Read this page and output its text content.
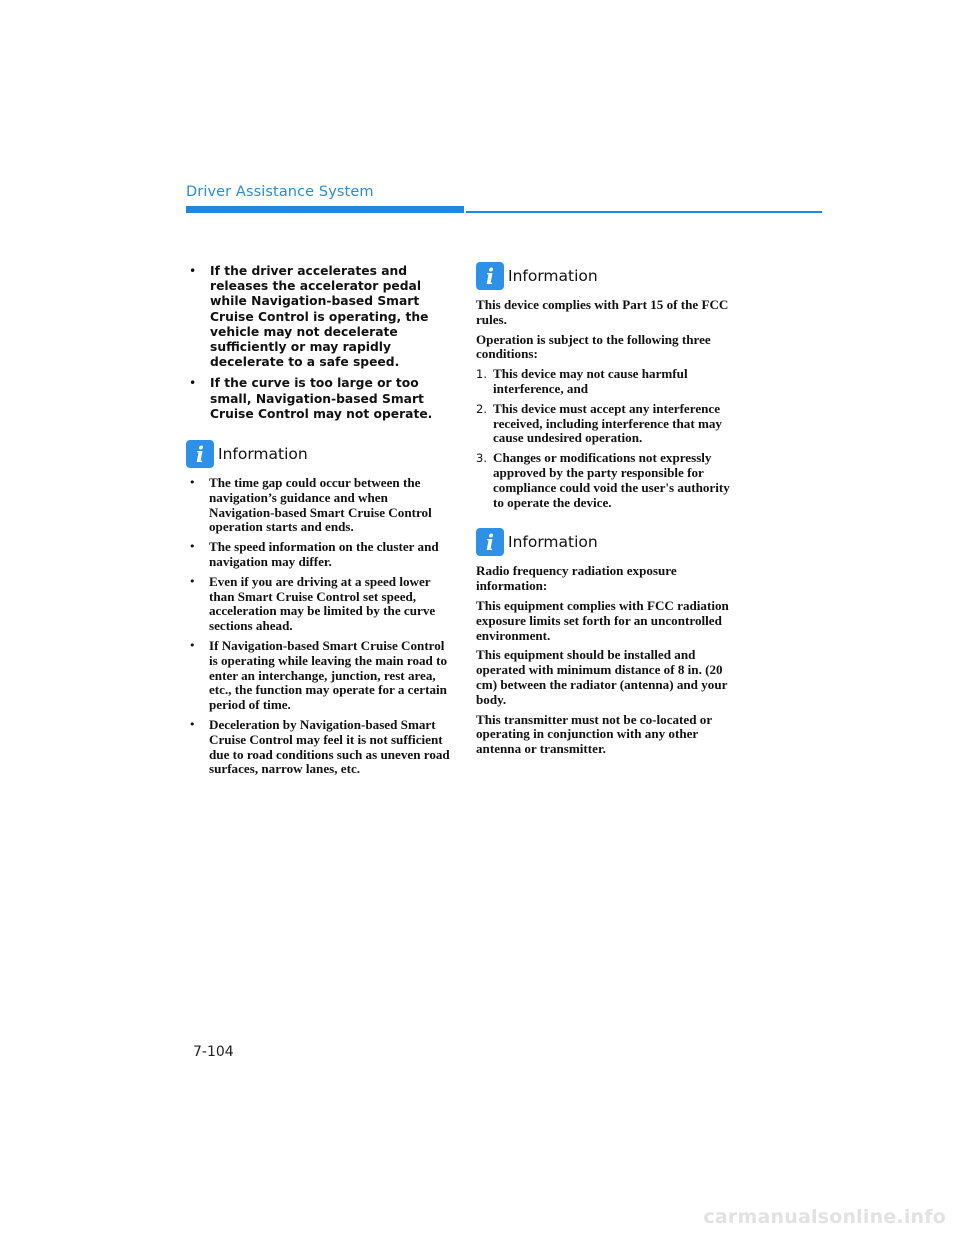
Driver Assistance System
• If the driver accelerates and releases the accelerator pedal while Navigation-based Smart Cruise Control is operating, the vehicle may not decelerate sufficiently or may rapidly decelerate to a safe speed.
• If the curve is too large or too small, Navigation-based Smart Cruise Control may not operate.
i Information
• The time gap could occur between the navigation’s guidance and when Navigation-based Smart Cruise Control operation starts and ends.
• The speed information on the cluster and navigation may differ.
• Even if you are driving at a speed lower than Smart Cruise Control set speed, acceleration may be limited by the curve sections ahead.
• If Navigation-based Smart Cruise Control is operating while leaving the main road to enter an interchange, junction, rest area, etc., the function may operate for a certain period of time.
• Deceleration by Navigation-based Smart Cruise Control may feel it is not sufficient due to road conditions such as uneven road surfaces, narrow lanes, etc.
i Information

This device complies with Part 15 of the FCC rules.

Operation is subject to the following three conditions:

1. This device may not cause harmful interference, and
2. This device must accept any interference received, including interference that may cause undesired operation.
3. Changes or modifications not expressly approved by the party responsible for compliance could void the user's authority to operate the device.
i Information

Radio frequency radiation exposure information:

This equipment complies with FCC radiation exposure limits set forth for an uncontrolled environment.

This equipment should be installed and operated with minimum distance of 8 in. (20 cm) between the radiator (antenna) and your body.

This transmitter must not be co-located or operating in conjunction with any other antenna or transmitter.

7-104
carmanualsonline.info
